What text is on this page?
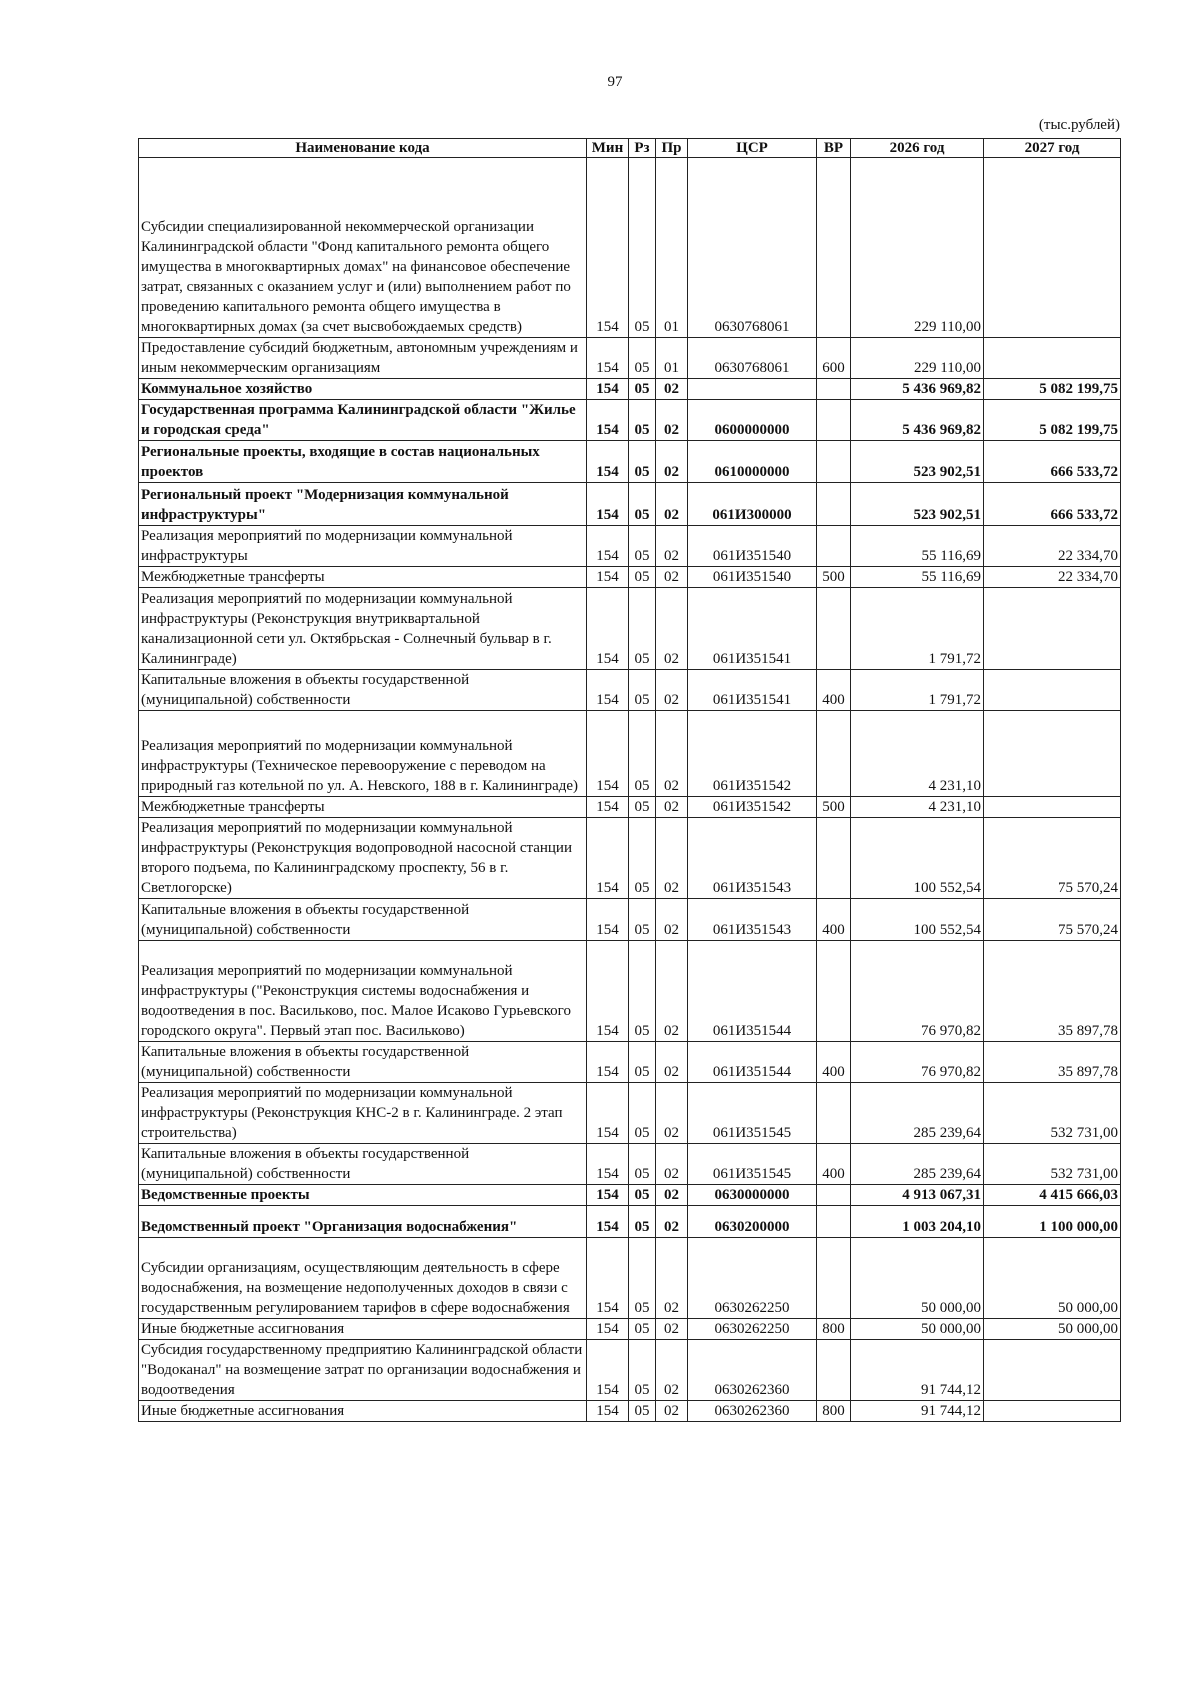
97
(тыс.рублей)
Наименование кода	Мин	Рз	Пр	ЦСР	ВР	2026 год	2027 год
Субсидии специализированной некоммерческой организации Калининградской области "Фонд капитального ремонта общего имущества в многоквартирных домах" на финансовое обеспечение затрат, связанных с оказанием услуг и (или) выполнением работ по проведению капитального ремонта общего имущества в многоквартирных домах (за счет высвобождаемых средств)	154	05	01	0630768061		229 110,00	
Предоставление субсидий бюджетным, автономным учреждениям и иным некоммерческим организациям	154	05	01	0630768061	600	229 110,00	
Коммунальное хозяйство	154	05	02			5 436 969,82	5 082 199,75
Государственная программа Калининградской области "Жилье и городская среда"	154	05	02	0600000000		5 436 969,82	5 082 199,75
Региональные проекты, входящие в состав национальных проектов	154	05	02	0610000000		523 902,51	666 533,72
Региональный проект "Модернизация коммунальной инфраструктуры"	154	05	02	061И300000		523 902,51	666 533,72
Реализация мероприятий по модернизации коммунальной инфраструктуры	154	05	02	061И351540		55 116,69	22 334,70
Межбюджетные трансферты	154	05	02	061И351540	500	55 116,69	22 334,70
Реализация мероприятий по модернизации коммунальной инфраструктуры (Реконструкция внутриквартальной канализационной сети ул. Октябрьская - Солнечный бульвар в г. Калининграде)	154	05	02	061И351541		1 791,72	
Капитальные вложения в объекты государственной (муниципальной) собственности	154	05	02	061И351541	400	1 791,72	
Реализация мероприятий по модернизации коммунальной инфраструктуры (Техническое перевооружение с переводом на природный газ котельной по ул. А. Невского, 188 в г. Калининграде)	154	05	02	061И351542		4 231,10	
Межбюджетные трансферты	154	05	02	061И351542	500	4 231,10	
Реализация мероприятий по модернизации коммунальной инфраструктуры (Реконструкция водопроводной насосной станции второго подъема, по Калининградскому проспекту, 56 в г. Светлогорске)	154	05	02	061И351543		100 552,54	75 570,24
Капитальные вложения в объекты государственной (муниципальной) собственности	154	05	02	061И351543	400	100 552,54	75 570,24
Реализация мероприятий по модернизации коммунальной инфраструктуры ("Реконструкция системы водоснабжения и водоотведения в пос. Васильково, пос. Малое Исаково Гурьевского городского округа". Первый этап пос. Васильково)	154	05	02	061И351544		76 970,82	35 897,78
Капитальные вложения в объекты государственной (муниципальной) собственности	154	05	02	061И351544	400	76 970,82	35 897,78
Реализация мероприятий по модернизации коммунальной инфраструктуры (Реконструкция КНС-2 в г. Калининграде. 2 этап строительства)	154	05	02	061И351545		285 239,64	532 731,00
Капитальные вложения в объекты государственной (муниципальной) собственности	154	05	02	061И351545	400	285 239,64	532 731,00
Ведомственные проекты	154	05	02	0630000000		4 913 067,31	4 415 666,03
Ведомственный проект "Организация водоснабжения"	154	05	02	0630200000		1 003 204,10	1 100 000,00
Субсидии организациям, осуществляющим деятельность в сфере водоснабжения, на возмещение недополученных доходов в связи с государственным регулированием тарифов в сфере водоснабжения	154	05	02	0630262250		50 000,00	50 000,00
Иные бюджетные ассигнования	154	05	02	0630262250	800	50 000,00	50 000,00
Субсидия государственному предприятию Калининградской области "Водоканал" на возмещение затрат по организации водоснабжения и водоотведения	154	05	02	0630262360		91 744,12	
Иные бюджетные ассигнования	154	05	02	0630262360	800	91 744,12	
